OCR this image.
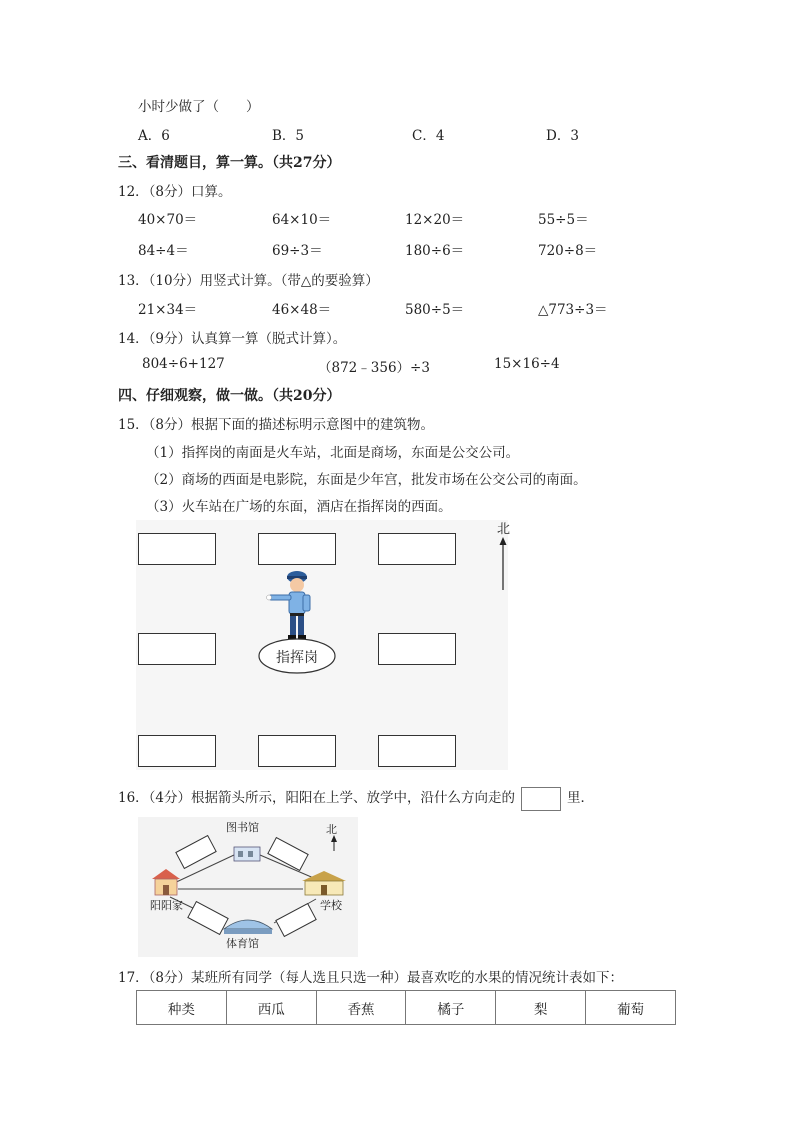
小时少做了（　　）
A．6	B．5	C．4	D．3
三、看清题目，算一算。（共27分）
12．（8分）口算。
40×70＝	64×10＝	12×20＝	55÷5＝
84÷4＝	69÷3＝	180÷6＝	720÷8＝
13．（10分）用竖式计算。（带△的要验算）
21×34＝	46×48＝	580÷5＝	△773÷3＝
14．（9分）认真算一算（脱式计算）。
804÷6+127	（872﹣356）÷3	15×16÷4
四、仔细观察，做一做。（共20分）
15．（8分）根据下面的描述标明示意图中的建筑物。
（1）指挥岗的南面是火车站，北面是商场，东面是公交公司。
（2）商场的西面是电影院，东面是少年宫，批发市场在公交公司的南面。
（3）火车站在广场的东面，酒店在指挥岗的西面。
指挥岗
北
16．（4分）根据箭头所示，阳阳在上学、放学中，沿什么方向走的	里．
图书馆	北
阳阳家	学校
体育馆
17．（8分）某班所有同学（每人选且只选一种）最喜欢吃的水果的情况统计表如下：
种类	西瓜	香蕉	橘子	梨	葡萄
